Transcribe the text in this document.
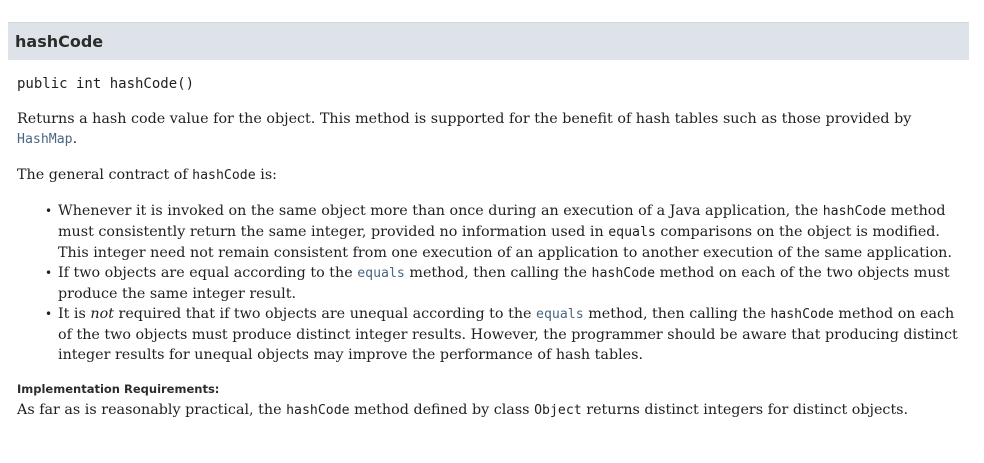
hashCode
public int hashCode()

Returns a hash code value for the object. This method is supported for the benefit of hash tables such as those provided by HashMap.

The general contract of hashCode is:

• Whenever it is invoked on the same object more than once during an execution of a Java application, the hashCode method must consistently return the same integer, provided no information used in equals comparisons on the object is modified. This integer need not remain consistent from one execution of an application to another execution of the same application.
• If two objects are equal according to the equals method, then calling the hashCode method on each of the two objects must produce the same integer result.
• It is not required that if two objects are unequal according to the equals method, then calling the hashCode method on each of the two objects must produce distinct integer results. However, the programmer should be aware that producing distinct integer results for unequal objects may improve the performance of hash tables.
Implementation Requirements:

As far as is reasonably practical, the hashCode method defined by class Object returns distinct integers for distinct objects.
